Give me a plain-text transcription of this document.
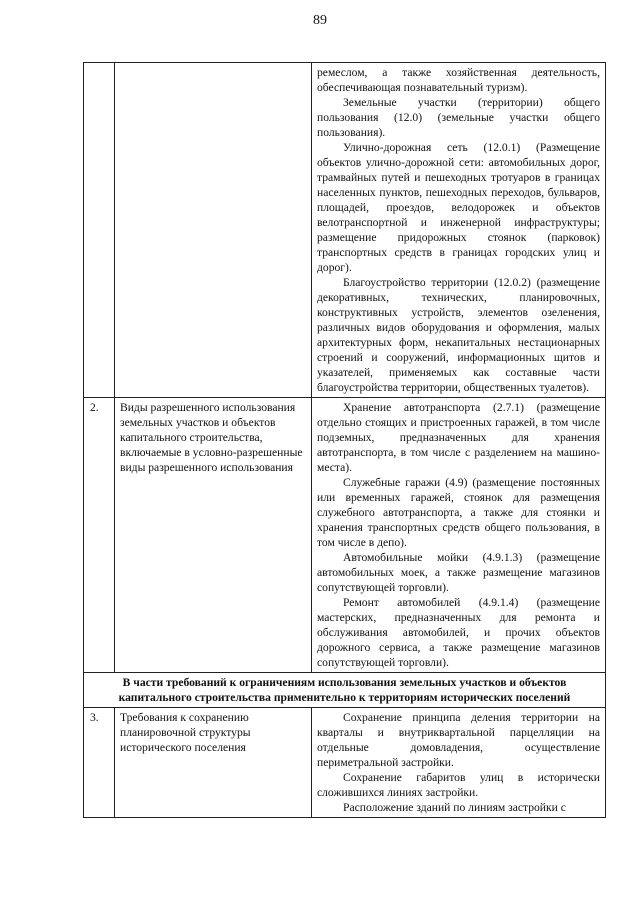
89

		ремеслом, а также хозяйственная деятельность, обеспечивающая познавательный туризм).

Земельные участки (территории) общего пользования (12.0) (земельные участки общего пользования).

Улично-дорожная сеть (12.0.1) (Размещение объектов улично-дорожной сети: автомобильных дорог, трамвайных путей и пешеходных тротуаров в границах населенных пунктов, пешеходных переходов, бульваров, площадей, проездов, велодорожек и объектов велотранспортной и инженерной инфраструктуры; размещение придорожных стоянок (парковок) транспортных средств в границах городских улиц и дорог).

Благоустройство территории (12.0.2) (размещение декоративных, технических, планировочных, конструктивных устройств, элементов озеленения, различных видов оборудования и оформления, малых архитектурных форм, некапитальных нестационарных строений и сооружений, информационных щитов и указателей, применяемых как составные части благоустройства территории, общественных туалетов).

2.	Виды разрешенного использования земельных участков и объектов капитального строительства, включаемые в условно-разрешенные виды разрешенного использования	Хранение автотранспорта (2.7.1) (размещение отдельно стоящих и пристроенных гаражей, в том числе подземных, предназначенных для хранения автотранспорта, в том числе с разделением на машино-места).

Служебные гаражи (4.9) (размещение постоянных или временных гаражей, стоянок для размещения служебного автотранспорта, а также для стоянки и хранения транспортных средств общего пользования, в том числе в депо).

Автомобильные мойки (4.9.1.3) (размещение автомобильных моек, а также размещение магазинов сопутствующей торговли).

Ремонт автомобилей (4.9.1.4) (размещение мастерских, предназначенных для ремонта и обслуживания автомобилей, и прочих объектов дорожного сервиса, а также размещение магазинов сопутствующей торговли).

В части требований к ограничениям использования земельных участков и объектов капитального строительства применительно к территориям исторических поселений		
3.	Требования к сохранению планировочной структуры исторического поселения	Сохранение принципа деления территории на кварталы и внутриквартальной парцелляции на отдельные домовладения, осуществление периметральной застройки.

Сохранение габаритов улиц в исторически сложившихся линиях застройки.

Расположение зданий по линиям застройки с
